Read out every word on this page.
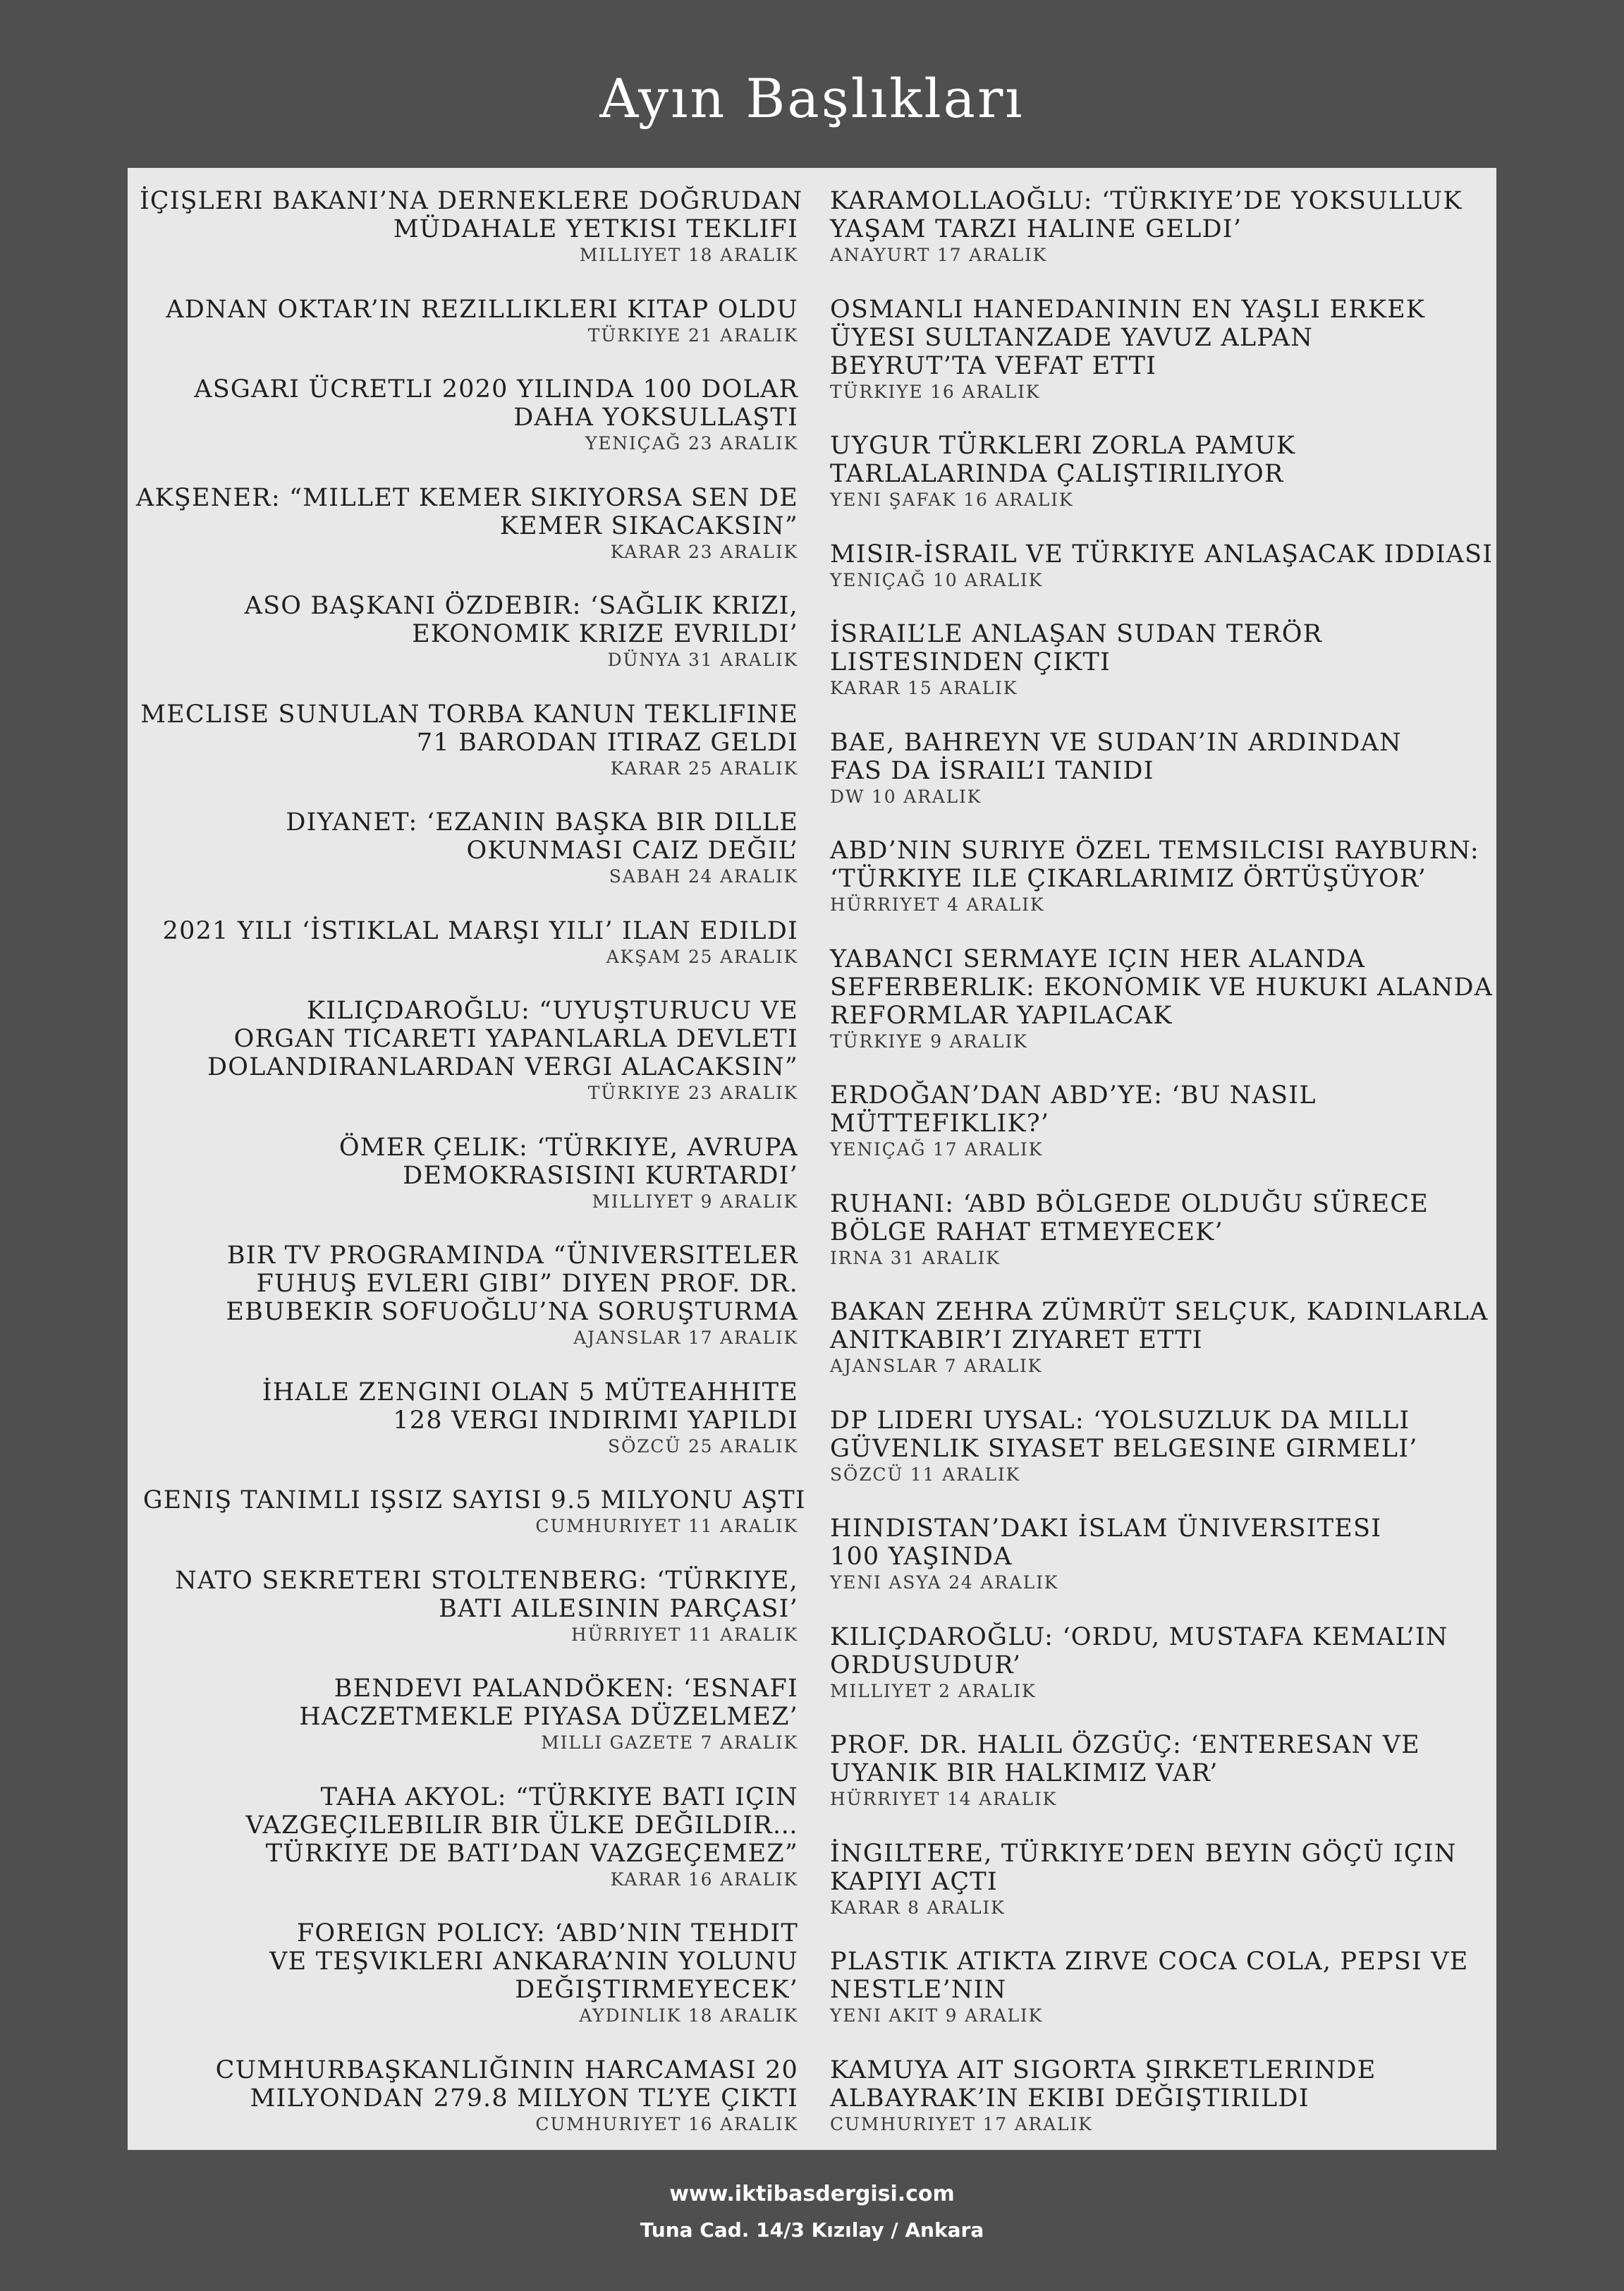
Ayın Başlıkları
İÇIŞLERI BAKANI’NA DERNEKLERE DOĞRUDAN
MÜDAHALE YETKISI TEKLIFI
MILLIYET 18 ARALIK
ADNAN OKTAR’IN REZILLIKLERI KITAP OLDU
TÜRKIYE 21 ARALIK
ASGARI ÜCRETLI 2020 YILINDA 100 DOLAR
DAHA YOKSULLAŞTI
YENIÇAĞ 23 ARALIK
AKŞENER: “MILLET KEMER SIKIYORSA SEN DE
KEMER SIKACAKSIN”
KARAR 23 ARALIK
ASO BAŞKANI ÖZDEBIR: ‘SAĞLIK KRIZI,
EKONOMIK KRIZE EVRILDI’
DÜNYA 31 ARALIK
MECLISE SUNULAN TORBA KANUN TEKLIFINE
71 BARODAN ITIRAZ GELDI
KARAR 25 ARALIK
DIYANET: ‘EZANIN BAŞKA BIR DILLE
OKUNMASI CAIZ DEĞIL’
SABAH 24 ARALIK
2021 YILI ‘İSTIKLAL MARŞI YILI’ ILAN EDILDI
AKŞAM 25 ARALIK
KILIÇDAROĞLU: “UYUŞTURUCU VE
ORGAN TICARETI YAPANLARLA DEVLETI
DOLANDIRANLARDAN VERGI ALACAKSIN”
TÜRKIYE 23 ARALIK
ÖMER ÇELIK: ‘TÜRKIYE, AVRUPA
DEMOKRASISINI KURTARDI’
MILLIYET 9 ARALIK
BIR TV PROGRAMINDA “ÜNIVERSITELER
FUHUŞ EVLERI GIBI” DIYEN PROF. DR.
EBUBEKIR SOFUOĞLU’NA SORUŞTURMA
AJANSLAR 17 ARALIK
İHALE ZENGINI OLAN 5 MÜTEAHHITE
128 VERGI INDIRIMI YAPILDI
SÖZCÜ 25 ARALIK
GENIŞ TANIMLI IŞSIZ SAYISI 9.5 MILYONU AŞTI
CUMHURIYET 11 ARALIK
NATO SEKRETERI STOLTENBERG: ‘TÜRKIYE,
BATI AILESININ PARÇASI’
HÜRRIYET 11 ARALIK
BENDEVI PALANDÖKEN: ‘ESNAFI
HACZETMEKLE PIYASA DÜZELMEZ’
MILLI GAZETE 7 ARALIK
TAHA AKYOL: “TÜRKIYE BATI IÇIN
VAZGEÇILEBILIR BIR ÜLKE DEĞILDIR…
TÜRKIYE DE BATI’DAN VAZGEÇEMEZ”
KARAR 16 ARALIK
FOREIGN POLICY: ‘ABD’NIN TEHDIT
VE TEŞVIKLERI ANKARA’NIN YOLUNU
DEĞIŞTIRMEYECEK’
AYDINLIK 18 ARALIK
CUMHURBAŞKANLIĞININ HARCAMASI 20
MILYONDAN 279.8 MILYON TL’YE ÇIKTI
CUMHURIYET 16 ARALIK
KARAMOLLAOĞLU: ‘TÜRKIYE’DE YOKSULLUK
YAŞAM TARZI HALINE GELDI’
ANAYURT 17 ARALIK
OSMANLI HANEDANININ EN YAŞLI ERKEK
ÜYESI SULTANZADE YAVUZ ALPAN
BEYRUT’TA VEFAT ETTI
TÜRKIYE 16 ARALIK
UYGUR TÜRKLERI ZORLA PAMUK
TARLALARINDA ÇALIŞTIRILIYOR
YENI ŞAFAK 16 ARALIK
MISIR-İSRAIL VE TÜRKIYE ANLAŞACAK IDDIASI
YENIÇAĞ 10 ARALIK
İSRAIL’LE ANLAŞAN SUDAN TERÖR
LISTESINDEN ÇIKTI
KARAR 15 ARALIK
BAE, BAHREYN VE SUDAN’IN ARDINDAN
FAS DA İSRAIL’I TANIDI
DW 10 ARALIK
ABD’NIN SURIYE ÖZEL TEMSILCISI RAYBURN:
‘TÜRKIYE ILE ÇIKARLARIMIZ ÖRTÜŞÜYOR’
HÜRRIYET 4 ARALIK
YABANCI SERMAYE IÇIN HER ALANDA
SEFERBERLIK: EKONOMIK VE HUKUKI ALANDA
REFORMLAR YAPILACAK
TÜRKIYE 9 ARALIK
ERDOĞAN’DAN ABD’YE: ‘BU NASIL
MÜTTEFIKLIK?’
YENIÇAĞ 17 ARALIK
RUHANI: ‘ABD BÖLGEDE OLDUĞU SÜRECE
BÖLGE RAHAT ETMEYECEK’
IRNA 31 ARALIK
BAKAN ZEHRA ZÜMRÜT SELÇUK, KADINLARLA
ANITKABIR’I ZIYARET ETTI
AJANSLAR 7 ARALIK
DP LIDERI UYSAL: ‘YOLSUZLUK DA MILLI
GÜVENLIK SIYASET BELGESINE GIRMELI’
SÖZCÜ 11 ARALIK
HINDISTAN’DAKI İSLAM ÜNIVERSITESI
100 YAŞINDA
YENI ASYA 24 ARALIK
KILIÇDAROĞLU: ‘ORDU, MUSTAFA KEMAL’IN
ORDUSUDUR’
MILLIYET 2 ARALIK
PROF. DR. HALIL ÖZGÜÇ: ‘ENTERESAN VE
UYANIK BIR HALKIMIZ VAR’
HÜRRIYET 14 ARALIK
İNGILTERE, TÜRKIYE’DEN BEYIN GÖÇÜ IÇIN
KAPIYI AÇTI
KARAR 8 ARALIK
PLASTIK ATIKTA ZIRVE COCA COLA, PEPSI VE
NESTLE’NIN
YENI AKIT 9 ARALIK
KAMUYA AIT SIGORTA ŞIRKETLERINDE
ALBAYRAK’IN EKIBI DEĞIŞTIRILDI
CUMHURIYET 17 ARALIK
www.iktibasdergisi.com
Tuna Cad. 14/3 Kızılay / Ankara
